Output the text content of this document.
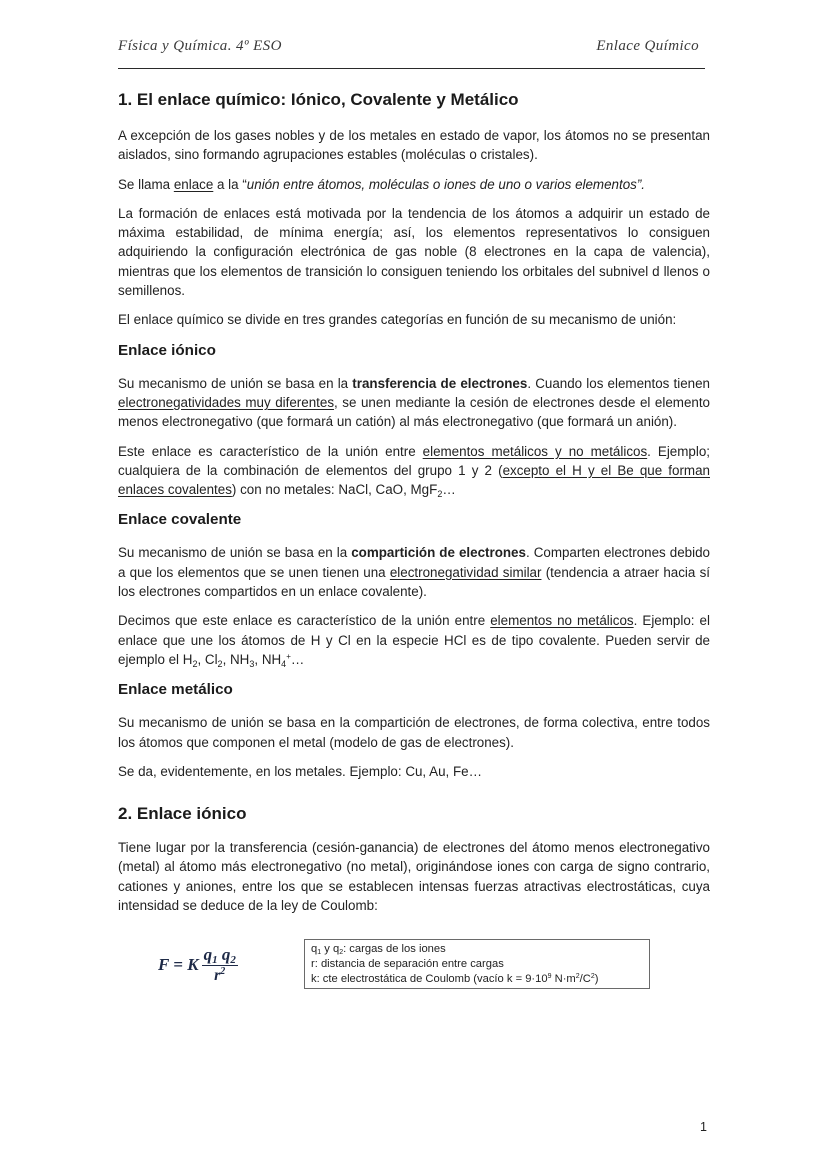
Física y Química. 4º ESO	Enlace Químico
1. El enlace químico: Iónico, Covalente y Metálico

A excepción de los gases nobles y de los metales en estado de vapor, los átomos no se presentan aislados, sino formando agrupaciones estables (moléculas o cristales).

Se llama enlace a la “unión entre átomos, moléculas o iones de uno o varios elementos”.

La formación de enlaces está motivada por la tendencia de los átomos a adquirir un estado de máxima estabilidad, de mínima energía; así, los elementos representativos lo consiguen adquiriendo la configuración electrónica de gas noble (8 electrones en la capa de valencia), mientras que los elementos de transición lo consiguen teniendo los orbitales del subnivel d llenos o semillenos.

El enlace químico se divide en tres grandes categorías en función de su mecanismo de unión:

Enlace iónico

Su mecanismo de unión se basa en la transferencia de electrones. Cuando los elementos tienen electronegatividades muy diferentes, se unen mediante la cesión de electrones desde el elemento menos electronegativo (que formará un catión) al más electronegativo (que formará un anión).

Este enlace es característico de la unión entre elementos metálicos y no metálicos. Ejemplo; cualquiera de la combinación de elementos del grupo 1 y 2 (excepto el H y el Be que forman enlaces covalentes) con no metales: NaCl, CaO, MgF$_2$…

Enlace covalente

Su mecanismo de unión se basa en la compartición de electrones. Comparten electrones debido a que los elementos que se unen tienen una electronegatividad similar (tendencia a atraer hacia sí los electrones compartidos en un enlace covalente).

Decimos que este enlace es característico de la unión entre elementos no metálicos. Ejemplo: el enlace que une los átomos de H y Cl en la especie HCl es de tipo covalente. Pueden servir de ejemplo el $H_2$, $Cl_2$, $NH_3$, $NH_4^+\dots$

Enlace metálico

Su mecanismo de unión se basa en la compartición de electrones, de forma colectiva, entre todos los átomos que componen el metal (modelo de gas de electrones).

Se da, evidentemente, en los metales. Ejemplo: Cu, Au, Fe…

2. Enlace iónico

Tiene lugar por la transferencia (cesión-ganancia) de electrones del átomo menos electronegativo (metal) al átomo más electronegativo (no metal), originándose iones con carga de signo contrario, cationes y aniones, entre los que se establecen intensas fuerzas atractivas electrostáticas, cuya intensidad se deduce de la ley de Coulomb:

F = K $\frac{q_1 q_2}{r^2}$	$q_1$ y $q_2$: cargas de los iones
r: distancia de separación entre cargas
k: cte electrostática de Coulomb (vacío $k = 9\cdot 10^9$ $N\cdot m^2/C^2$)
1
